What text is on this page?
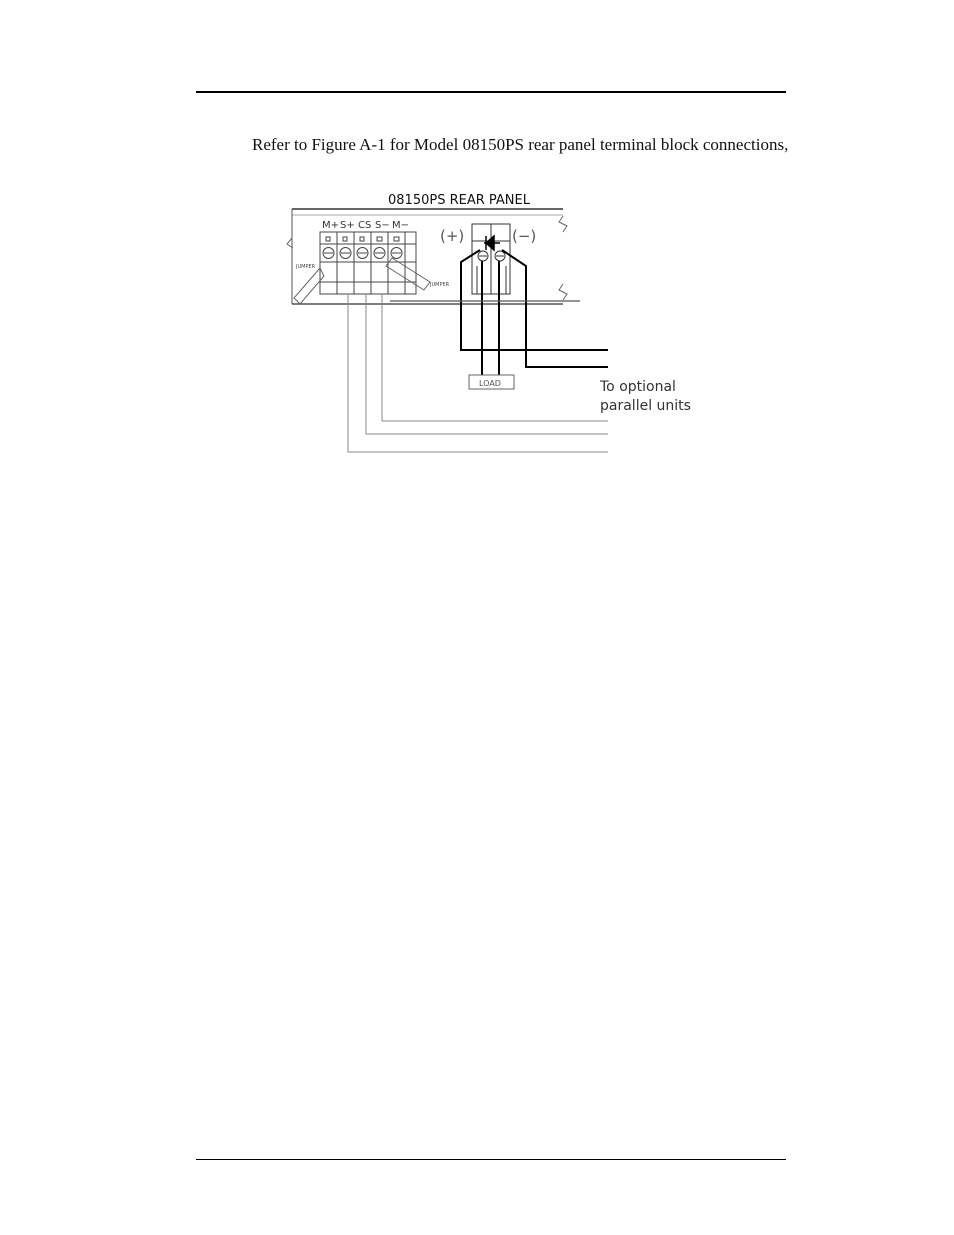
Refer to Figure A-1 for Model 08150PS rear panel terminal block connections,

08150PS REAR PANEL
M+ S+ CS S− M−
JUMPER
JUMPER
(+)	(−)
LOAD	To optional
parallel units
